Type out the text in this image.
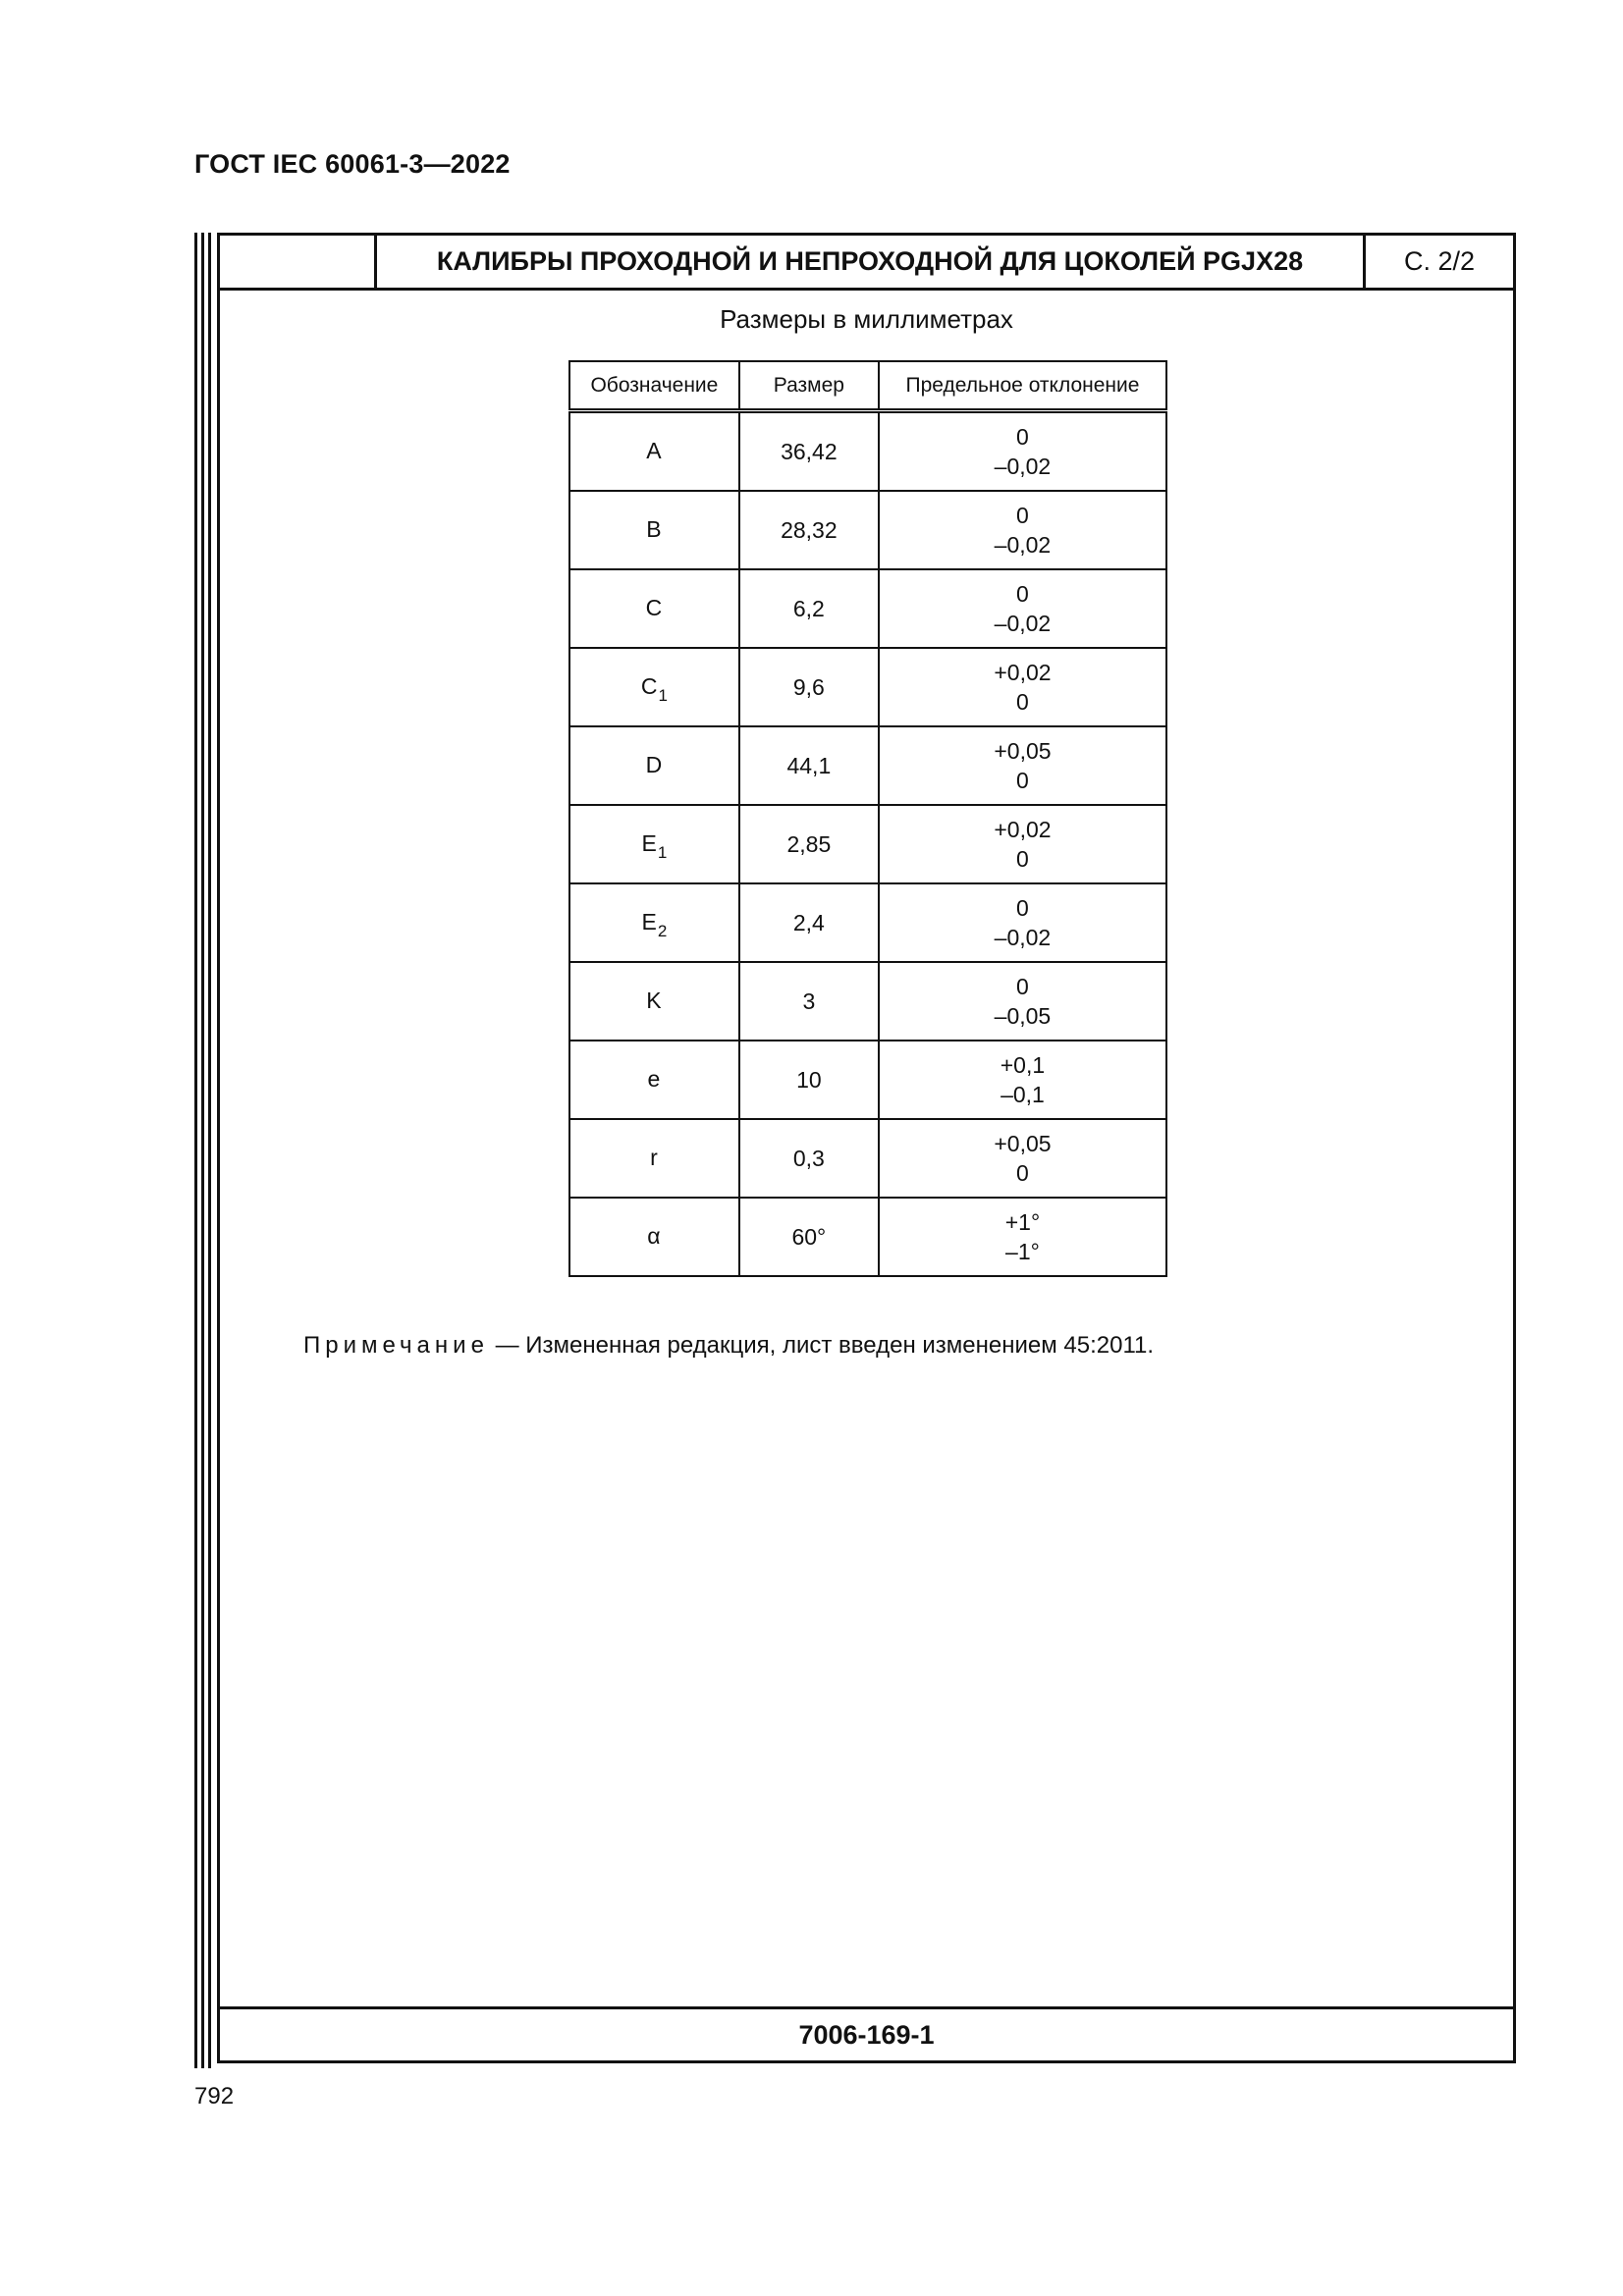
ГОСТ IEC 60061-3—2022
КАЛИБРЫ ПРОХОДНОЙ И НЕПРОХОДНОЙ ДЛЯ ЦОКОЛЕЙ PGJX28	С. 2/2
Размеры в миллиметрах
Обозначение	Размер	Предельное отклонение
A	36,42	0
–0,02

B	28,32	0
–0,02

C	6,2	0
–0,02

$C_1$	9,6	+0,02
0

D	44,1	+0,05
0

$E_1$	2,85	+0,02
0

$E_2$	2,4	0
–0,02

K	3	0
–0,05

e	10	+0,1
–0,1

r	0,3	+0,05
0

α	60°	+1°
–1°
Примечание — Измененная редакция, лист введен изменением 45:2011.
7006-169-1
792
